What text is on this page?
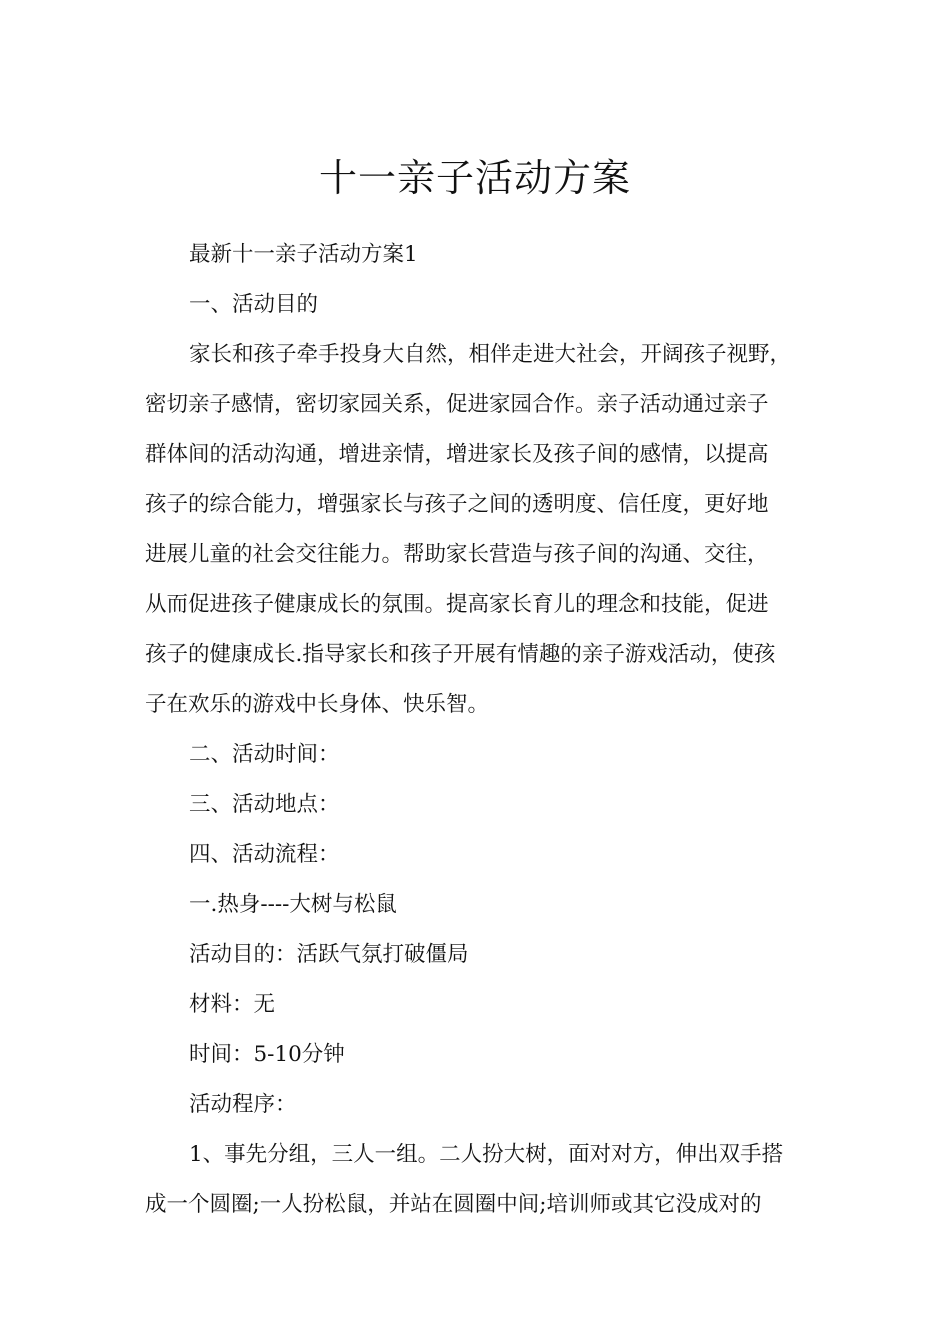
十一亲子活动方案

最新十一亲子活动方案1

一、活动目的

家长和孩子牵手投身大自然，相伴走进大社会，开阔孩子视野，
密切亲子感情，密切家园关系，促进家园合作。亲子活动通过亲子
群体间的活动沟通，增进亲情，增进家长及孩子间的感情，以提高
孩子的综合能力，增强家长与孩子之间的透明度、信任度，更好地
进展儿童的社会交往能力。帮助家长营造与孩子间的沟通、交往，
从而促进孩子健康成长的氛围。提高家长育儿的理念和技能，促进
孩子的健康成长.指导家长和孩子开展有情趣的亲子游戏活动，使孩
子在欢乐的游戏中长身体、快乐智。

二、活动时间：

三、活动地点：

四、活动流程：

一.热身----大树与松鼠

活动目的：活跃气氛打破僵局

材料：无

时间：5-10分钟

活动程序：

1、事先分组，三人一组。二人扮大树，面对对方，伸出双手搭
成一个圆圈;一人扮松鼠，并站在圆圈中间;培训师或其它没成对的
